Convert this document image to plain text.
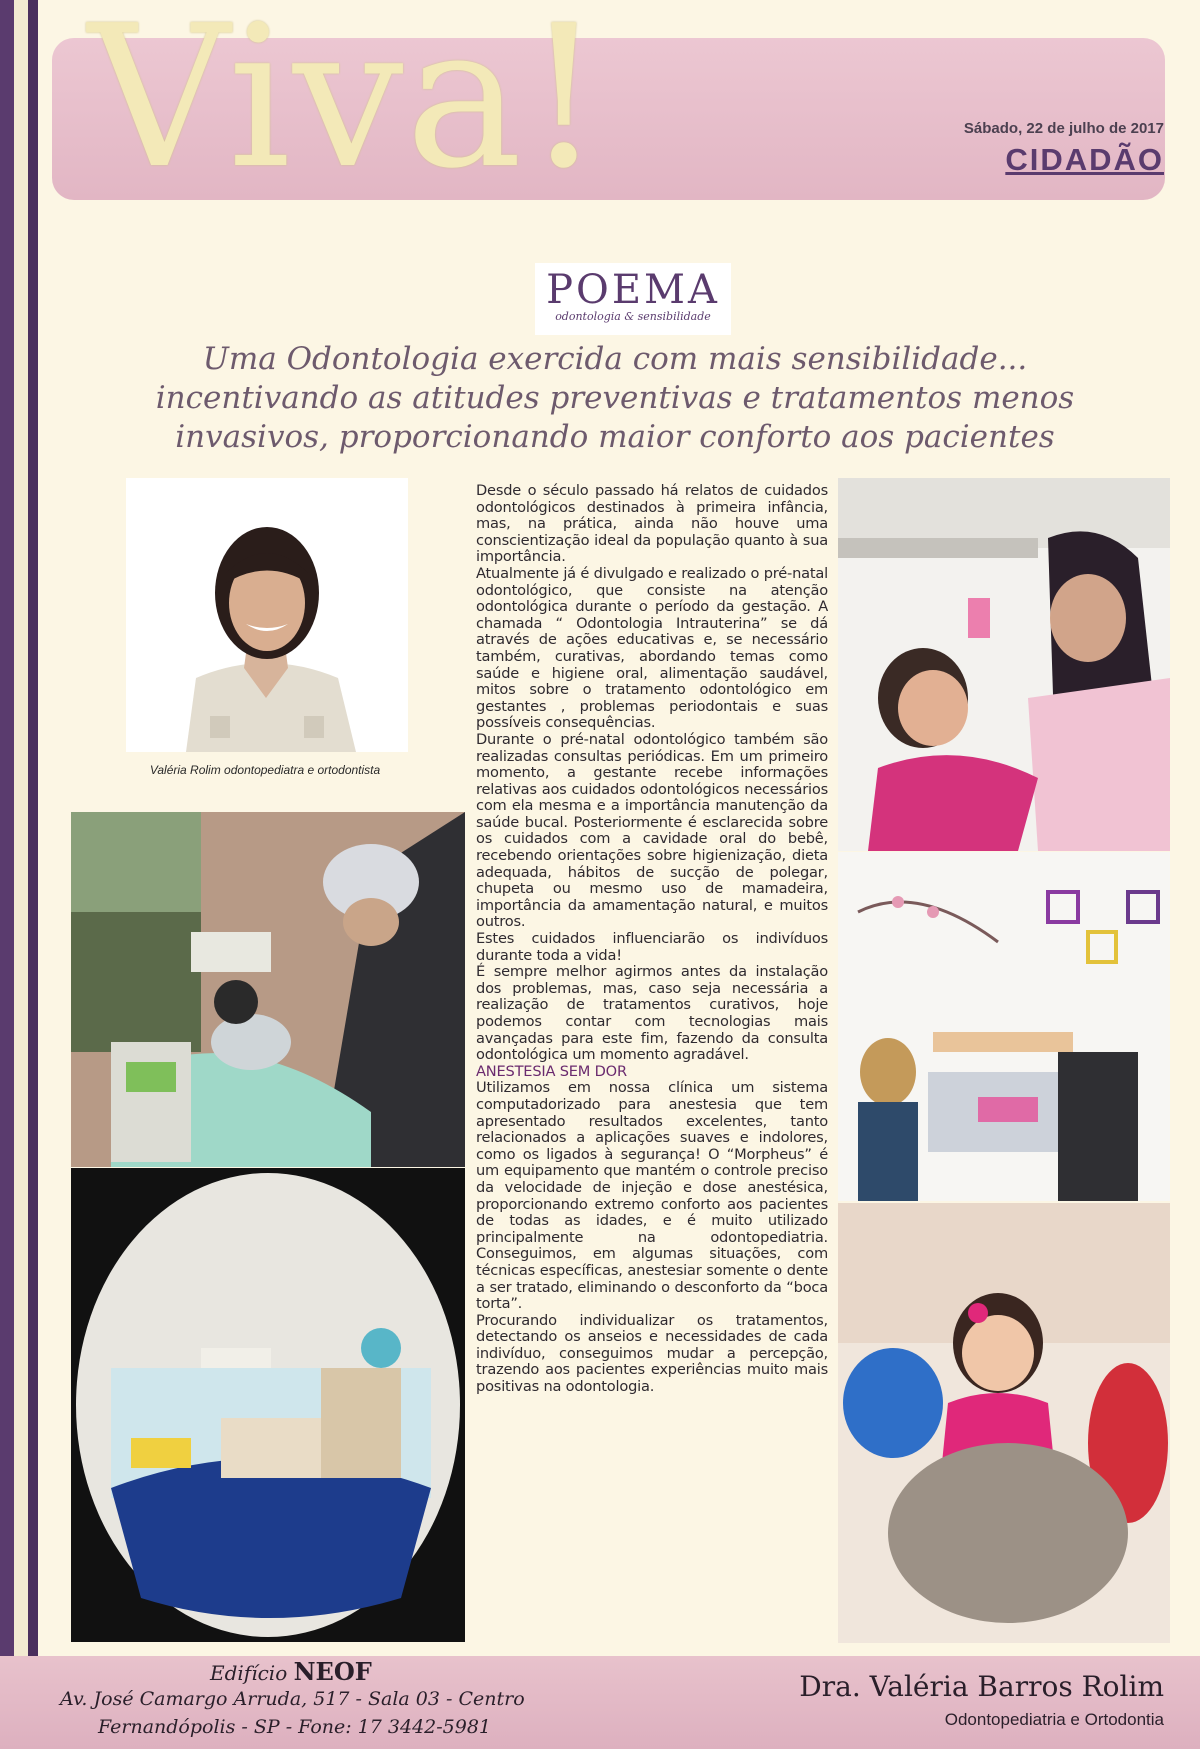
Viva!	Sábado, 22 de julho de 2017
CIDADÃO
POEMA
odontologia & sensibilidade
Uma Odontologia exercida com mais sensibilidade...
incentivando as atitudes preventivas e tratamentos menos
invasivos, proporcionando maior conforto aos pacientes
Valéria Rolim odontopediatra e ortodontista

Desde o século passado há relatos de cuidados odontológicos destinados à primeira infância, mas, na prática, ainda não houve uma conscientização ideal da população quanto à sua importância.

Atualmente já é divulgado e realizado o pré-natal odontológico, que consiste na atenção odontológica durante o período da gestação. A chamada “ Odontologia Intrauterina” se dá através de ações educativas e, se necessário também, curativas, abordando temas como saúde e higiene oral, alimentação saudável, mitos sobre o tratamento odontológico em gestantes , problemas periodontais e suas possíveis consequências.

Durante o pré-natal odontológico também são realizadas consultas periódicas. Em um primeiro momento, a gestante recebe informações relativas aos cuidados odontológicos necessários com ela mesma e a importância manutenção da saúde bucal. Posteriormente é esclarecida sobre os cuidados com a cavidade oral do bebê, recebendo orientações sobre higienização, dieta adequada, hábitos de sucção de polegar, chupeta ou mesmo uso de mamadeira, importância da amamentação natural, e muitos outros.

Estes cuidados influenciarão os indivíduos durante toda a vida!

É sempre melhor agirmos antes da instalação dos problemas, mas, caso seja necessária a realização de tratamentos curativos, hoje podemos contar com tecnologias mais avançadas para este fim, fazendo da consulta odontológica um momento agradável.

ANESTESIA SEM DOR

Utilizamos em nossa clínica um sistema computadorizado para anestesia que tem apresentado resultados excelentes, tanto relacionados a aplicações suaves e indolores, como os ligados à segurança! O “Morpheus” é um equipamento que mantém o controle preciso da velocidade de injeção e dose anestésica, proporcionando extremo conforto aos pacientes de todas as idades, e é muito utilizado principalmente na odontopediatria. Conseguimos, em algumas situações, com técnicas específicas, anestesiar somente o dente a ser tratado, eliminando o desconforto da “boca torta”.

Procurando individualizar os tratamentos, detectando os anseios e necessidades de cada indivíduo, conseguimos mudar a percepção, trazendo aos pacientes experiências muito mais positivas na odontologia.

Edifício NEOF
Av. José Camargo Arruda, 517 - Sala 03 - Centro
Fernandópolis - SP - Fone: 17 3442-5981
Dra. Valéria Barros Rolim
Odontopediatria e Ortodontia
